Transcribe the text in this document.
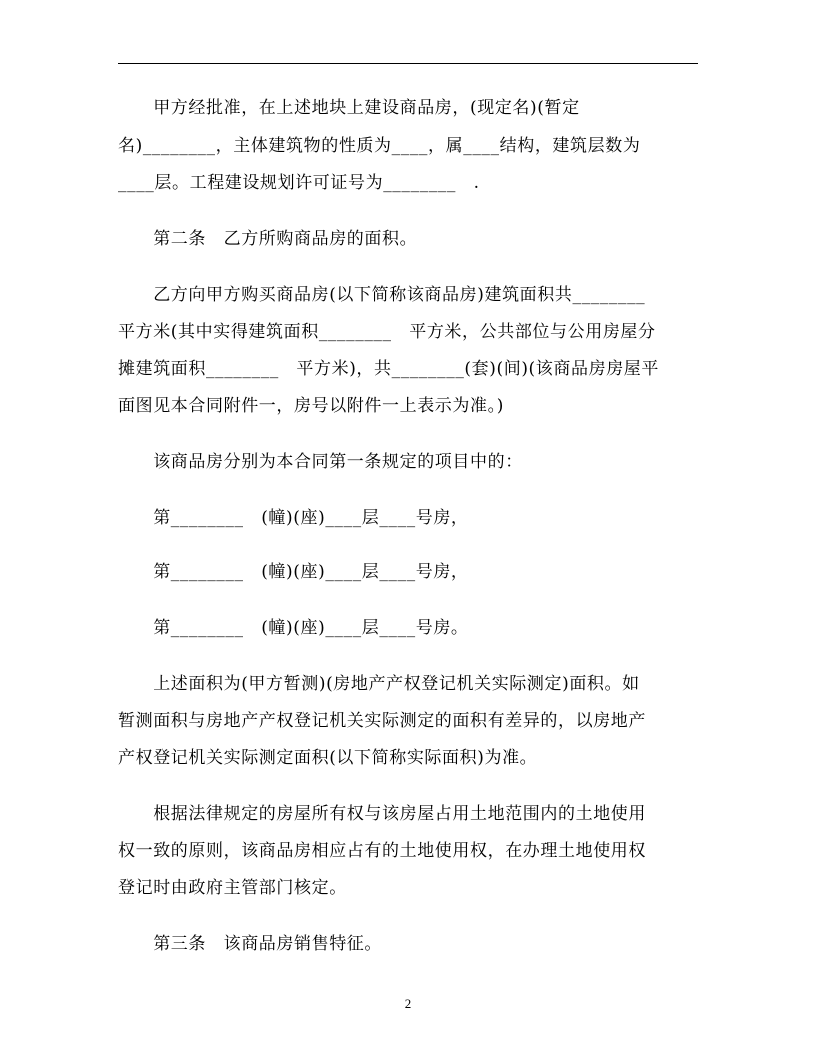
　　甲方经批准，在上述地块上建设商品房，(现定名)(暂定
名)________，主体建筑物的性质为____，属____结构，建筑层数为
____层。工程建设规划许可证号为________　.
　　第二条　乙方所购商品房的面积。
　　乙方向甲方购买商品房(以下简称该商品房)建筑面积共________
平方米(其中实得建筑面积________　平方米，公共部位与公用房屋分
摊建筑面积________　平方米)，共________(套)(间)(该商品房房屋平
面图见本合同附件一，房号以附件一上表示为准。)
　　该商品房分别为本合同第一条规定的项目中的：
　　第________　(幢)(座)____层____号房，
　　第________　(幢)(座)____层____号房，
　　第________　(幢)(座)____层____号房。
　　上述面积为(甲方暂测)(房地产产权登记机关实际测定)面积。如
暂测面积与房地产产权登记机关实际测定的面积有差异的，以房地产
产权登记机关实际测定面积(以下简称实际面积)为准。
　　根据法律规定的房屋所有权与该房屋占用土地范围内的土地使用
权一致的原则，该商品房相应占有的土地使用权，在办理土地使用权
登记时由政府主管部门核定。
　　第三条　该商品房销售特征。
2
